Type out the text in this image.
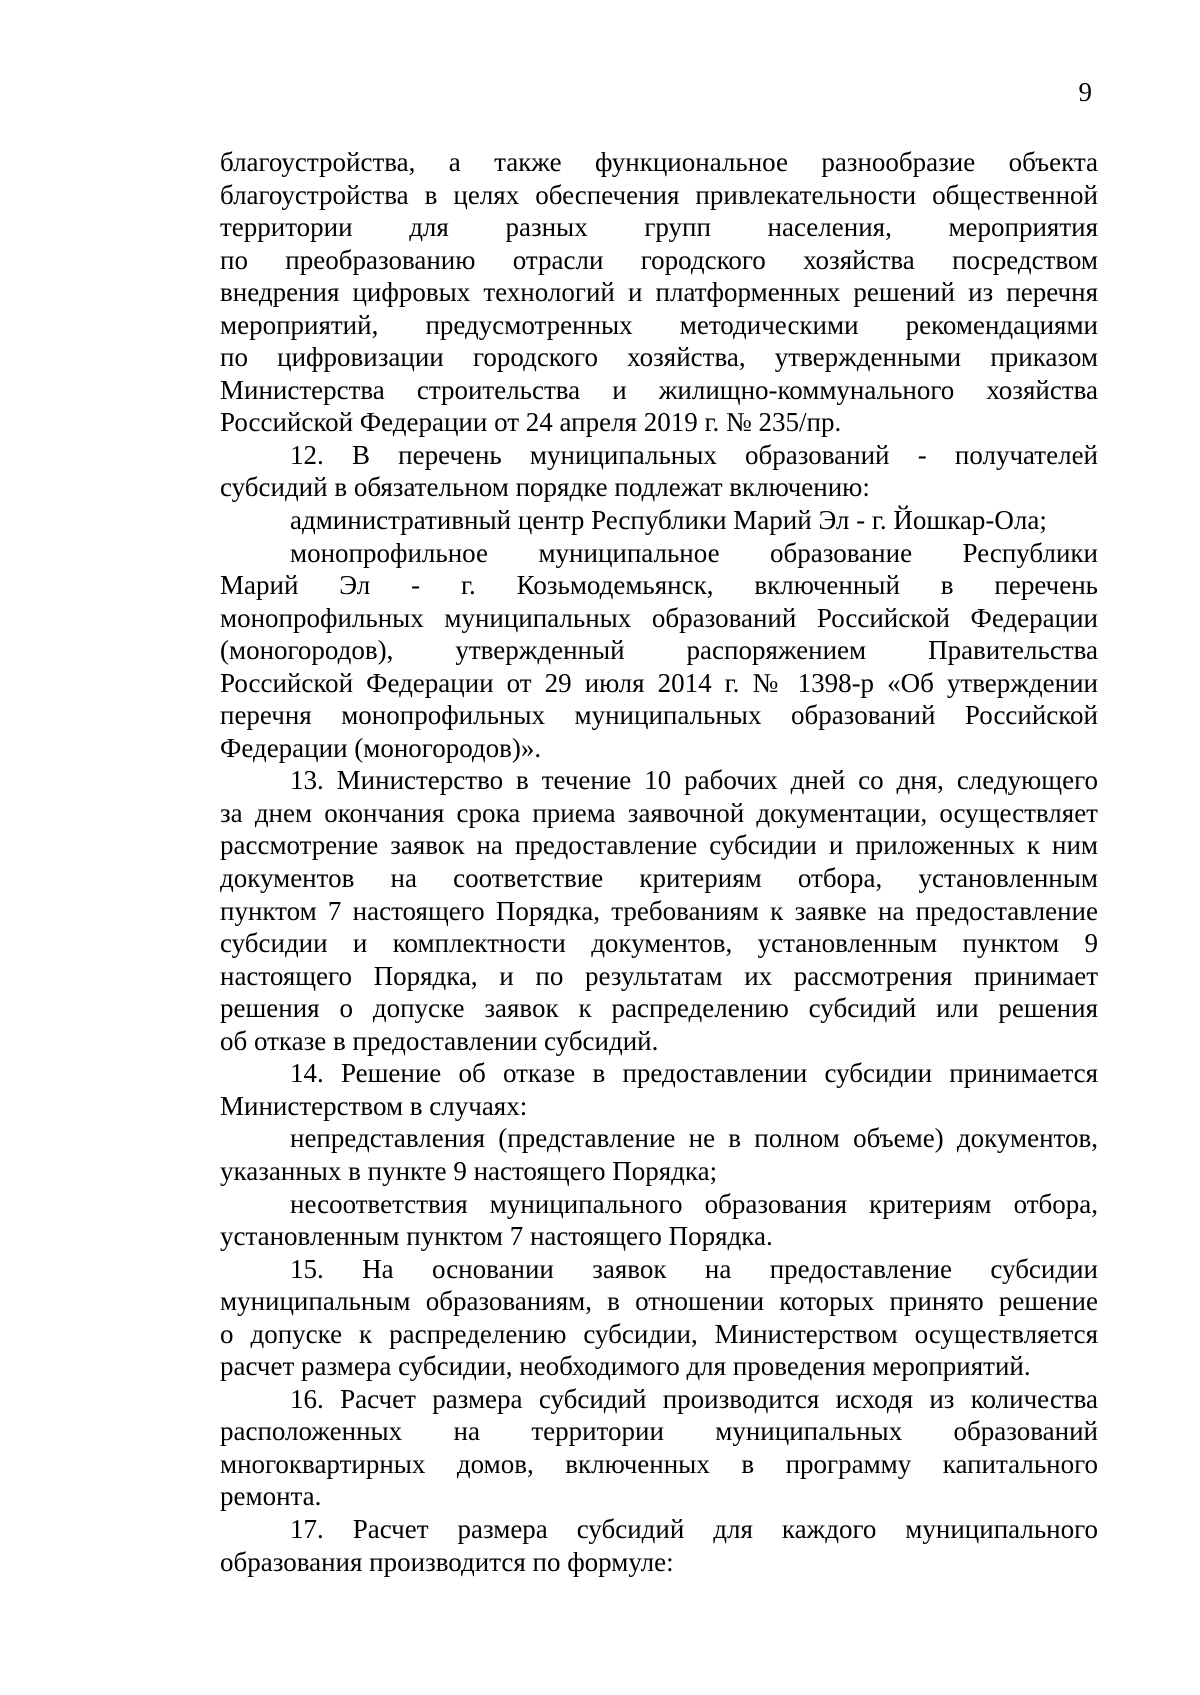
9
благоустройства, а также функциональное разнообразие объекта
благоустройства в целях обеспечения привлекательности общественной
территории для разных групп населения, мероприятия
по преобразованию отрасли городского хозяйства посредством
внедрения цифровых технологий и платформенных решений из перечня
мероприятий, предусмотренных методическими рекомендациями
по цифровизации городского хозяйства, утвержденными приказом
Министерства строительства и жилищно-коммунального хозяйства
Российской Федерации от 24 апреля 2019 г. № 235/пр.
12. В перечень муниципальных образований - получателей
субсидий в обязательном порядке подлежат включению:
административный центр Республики Марий Эл - г. Йошкар-Ола;
монопрофильное муниципальное образование Республики
Марий Эл - г. Козьмодемьянск, включенный в перечень
монопрофильных муниципальных образований Российской Федерации
(моногородов), утвержденный распоряжением Правительства
Российской Федерации от 29 июля 2014 г. № 1398-р «Об утверждении
перечня монопрофильных муниципальных образований Российской
Федерации (моногородов)».
13. Министерство в течение 10 рабочих дней со дня, следующего
за днем окончания срока приема заявочной документации, осуществляет
рассмотрение заявок на предоставление субсидии и приложенных к ним
документов на соответствие критериям отбора, установленным
пунктом 7 настоящего Порядка, требованиям к заявке на предоставление
субсидии и комплектности документов, установленным пунктом 9
настоящего Порядка, и по результатам их рассмотрения принимает
решения о допуске заявок к распределению субсидий или решения
об отказе в предоставлении субсидий.
14. Решение об отказе в предоставлении субсидии принимается
Министерством в случаях:
непредставления (представление не в полном объеме) документов,
указанных в пункте 9 настоящего Порядка;
несоответствия муниципального образования критериям отбора,
установленным пунктом 7 настоящего Порядка.
15. На основании заявок на предоставление субсидии
муниципальным образованиям, в отношении которых принято решение
о допуске к распределению субсидии, Министерством осуществляется
расчет размера субсидии, необходимого для проведения мероприятий.
16. Расчет размера субсидий производится исходя из количества
расположенных на территории муниципальных образований
многоквартирных домов, включенных в программу капитального
ремонта.
17. Расчет размера субсидий для каждого муниципального
образования производится по формуле:
